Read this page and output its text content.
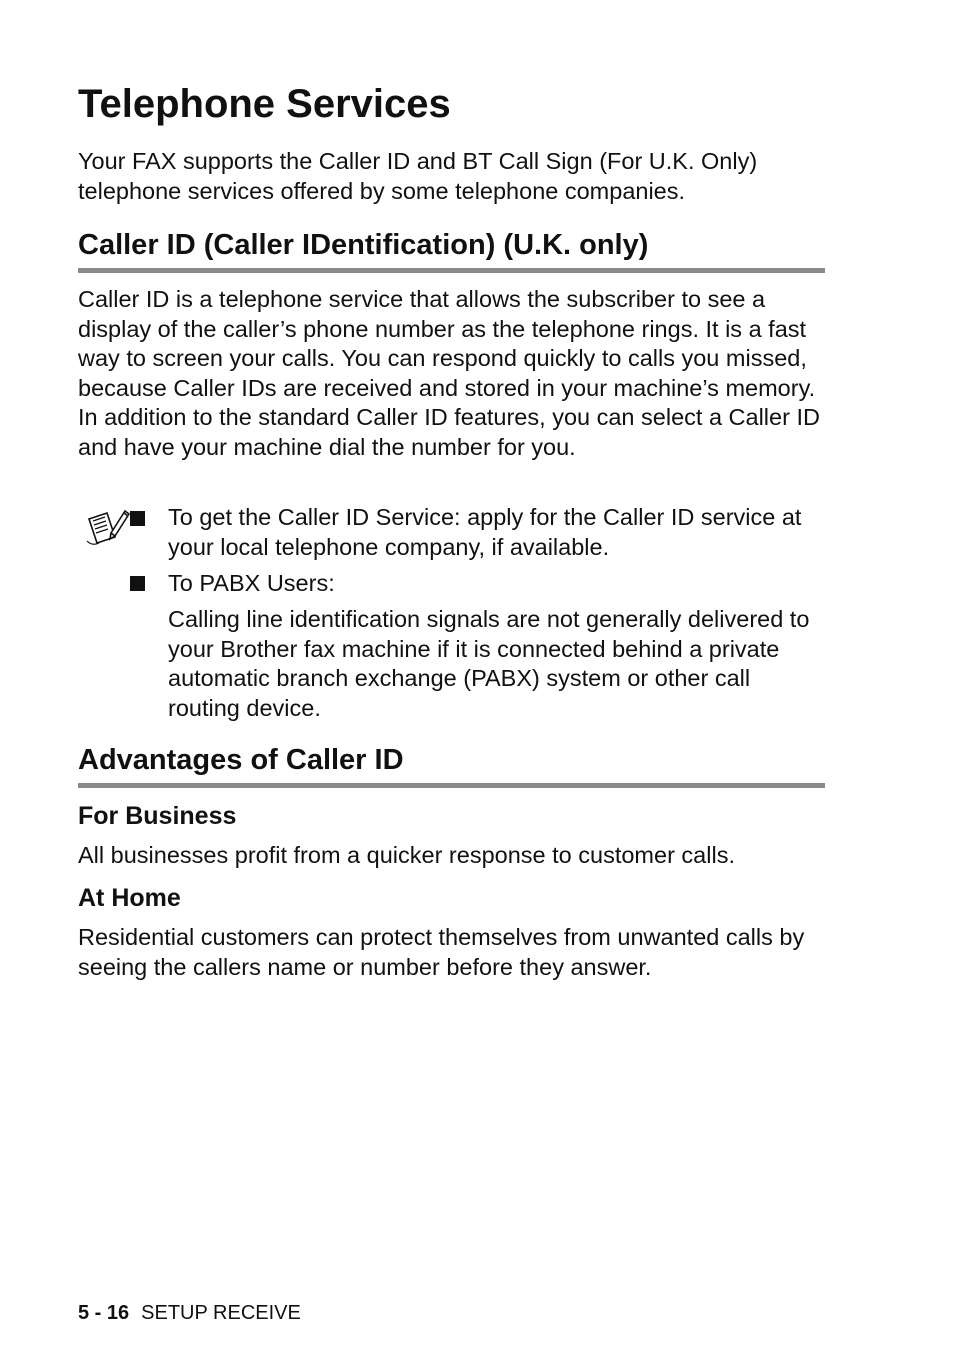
Telephone Services

Your FAX supports the Caller ID and BT Call Sign (For U.K. Only) telephone services offered by some telephone companies.

Caller ID (Caller IDentification) (U.K. only)

Caller ID is a telephone service that allows the subscriber to see a display of the caller’s phone number as the telephone rings. It is a fast way to screen your calls. You can respond quickly to calls you missed, because Caller IDs are received and stored in your machine’s memory. In addition to the standard Caller ID features, you can select a Caller ID and have your machine dial the number for you.

To get the Caller ID Service: apply for the Caller ID service at your local telephone company, if available.

To PABX Users:

Calling line identification signals are not generally delivered to your Brother fax machine if it is connected behind a private automatic branch exchange (PABX) system or other call routing device.

Advantages of Caller ID
For Business

All businesses profit from a quicker response to customer calls.

At Home

Residential customers can protect themselves from unwanted calls by seeing the callers name or number before they answer.

5 - 16 SETUP RECEIVE
